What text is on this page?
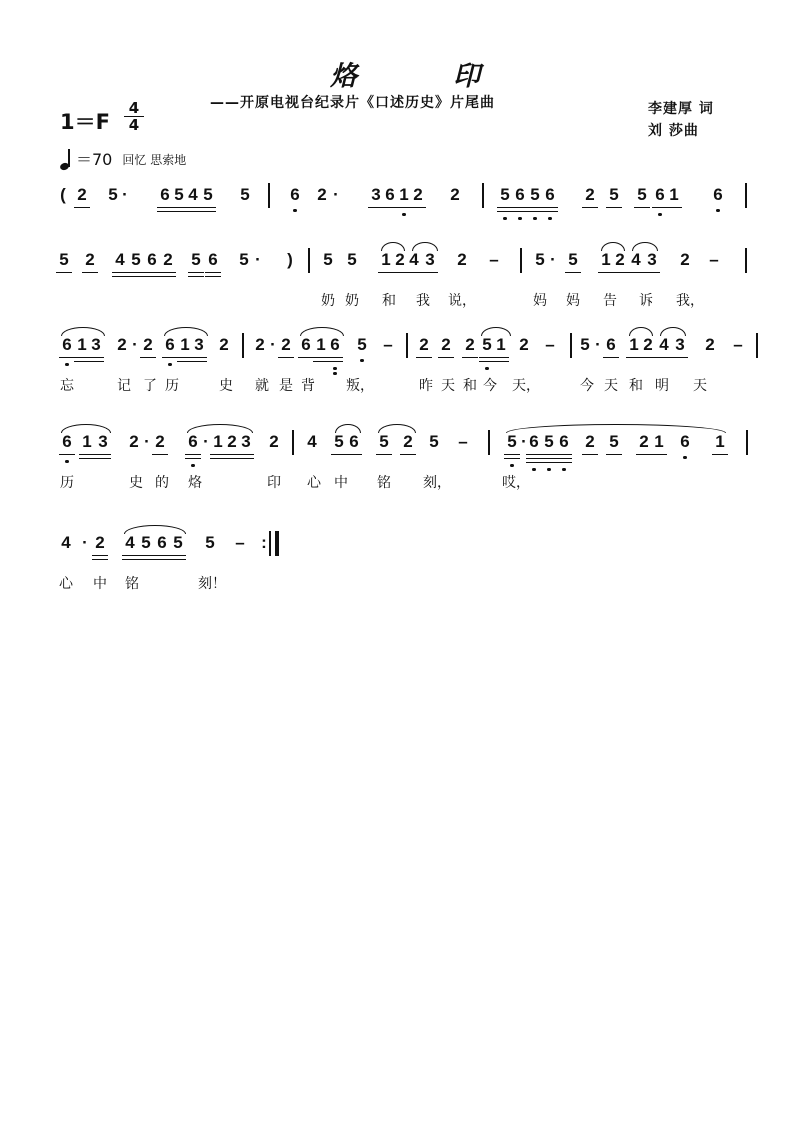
烙	印
——开原电视台纪录片《口述历史》片尾曲	李建厚 词
刘 莎曲
1＝F
4
4
＝70 回忆 思索地
( 2 5 · 6 5 4 5 5 6 2 · 3 6 1 2 2 5 6 5 6 2 5 5 6 1 6
5 2 4 5 6 2 5 6 5 · ) 5 5 1 2 4 3 2 – 5 · 5 1 2 4 3 2 –
奶 奶 和 我 说，	妈 妈 告 诉 我，
6 1 3 2 · 2 6 1 3 2 2 · 2 6 1 6 5 – 2 2 2 5 1 2 – 5 · 6 1 2 4 3 2 –
忘	记 了 历	史 就 是 背 叛，	昨 天 和 今 天，	今 天 和 明 天
6 1 3 2 · 2 6 · 1 2 3 2 4 5 6 5 2 5 – 5 · 6 5 6 2 5 2 1 6 1
历	史 的 烙	印 心 中 铭 刻，	哎，
4 · 2 4 5 6 5 5 – :
心 中 铭	刻！
